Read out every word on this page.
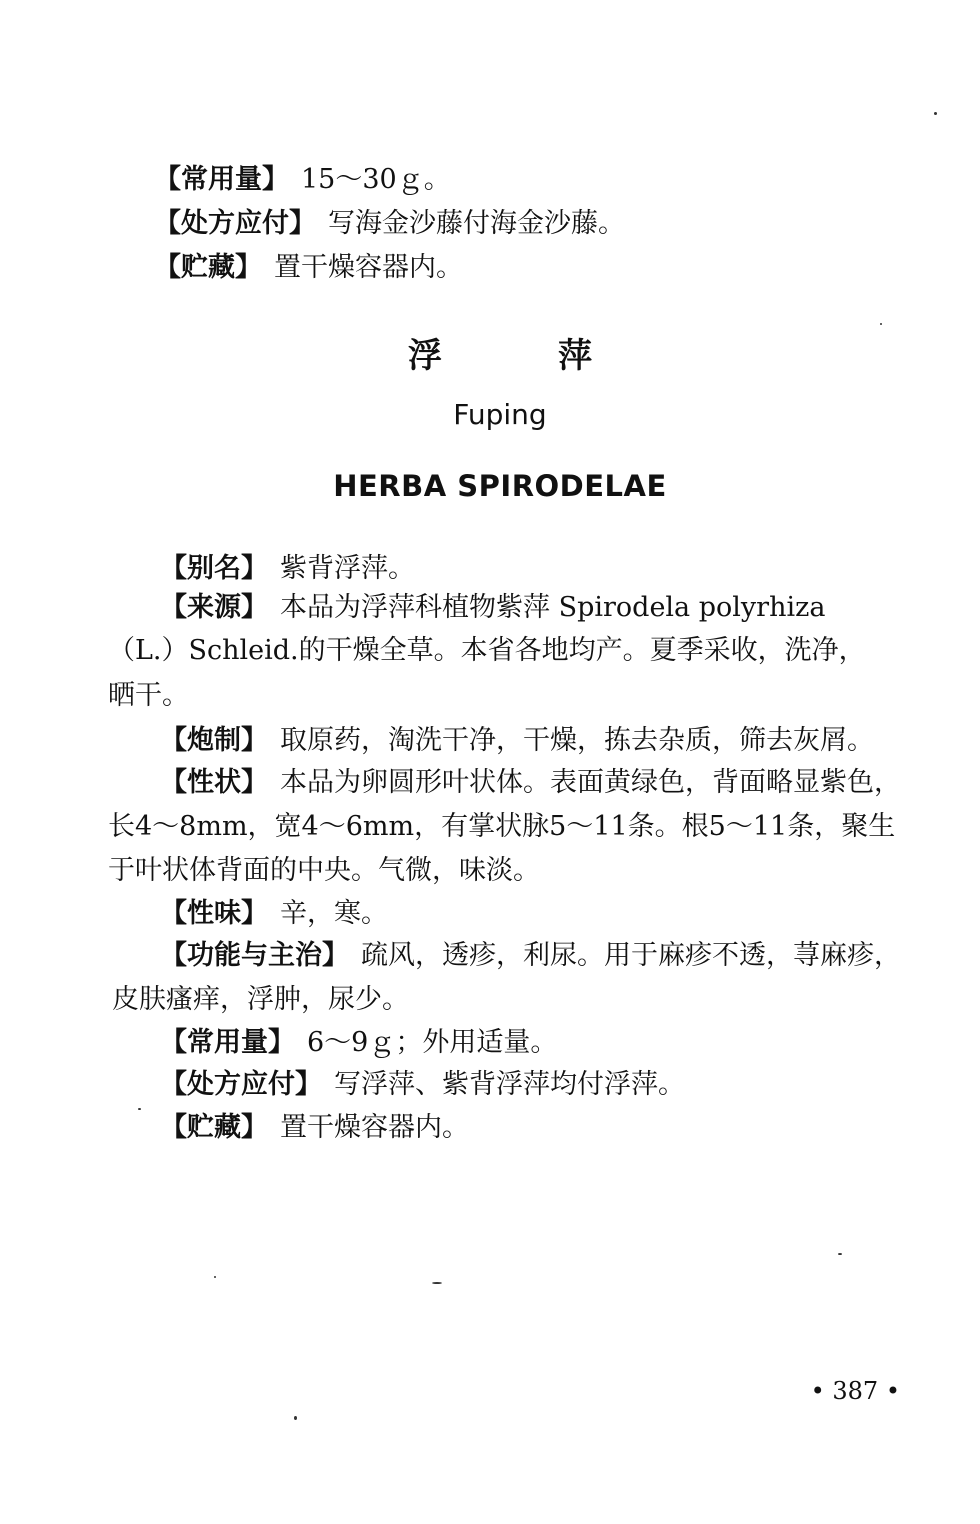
【常用量】 15～30ｇ。
【处方应付】 写海金沙藤付海金沙藤。
【贮藏】 置干燥容器内。
浮	萍
Fuping
HERBA SPIRODELAE
【别名】 紫背浮萍。
【来源】 本品为浮萍科植物紫萍 Spirodela polyrhiza
（L.）Schleid.的干燥全草。本省各地均产。夏季采收，洗净，
晒干。
【炮制】 取原药，淘洗干净，干燥，拣去杂质，筛去灰屑。
【性状】 本品为卵圆形叶状体。表面黄绿色，背面略显紫色，
长4～8mm，宽4～6mm，有掌状脉5～11条。根5～11条，聚生
于叶状体背面的中央。气微，味淡。
【性味】 辛，寒。
【功能与主治】 疏风，透疹，利尿。用于麻疹不透，荨麻疹，
皮肤瘙痒，浮肿，尿少。
【常用量】 6～9ｇ；外用适量。
【处方应付】 写浮萍、紫背浮萍均付浮萍。
【贮藏】 置干燥容器内。
• 387 •
